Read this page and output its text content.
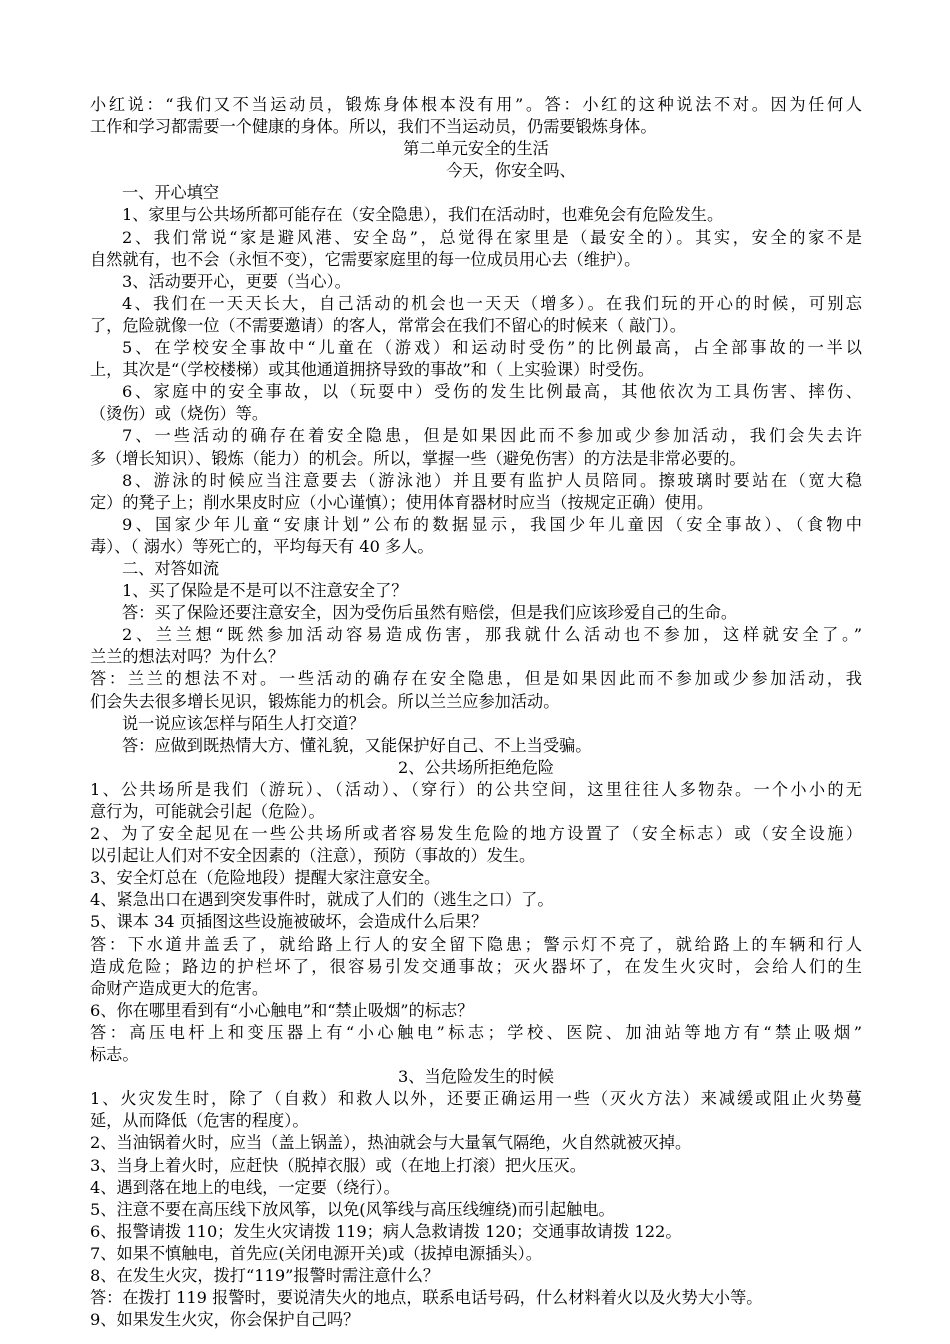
小红说：“我们又不当运动员，锻炼身体根本没有用”。答：小红的这种说法不对。因为任何人
工作和学习都需要一个健康的身体。所以，我们不当运动员，仍需要锻炼身体。
第二单元安全的生活
今天，你安全吗、
一、开心填空
1、家里与公共场所都可能存在（安全隐患），我们在活动时，也难免会有危险发生。
2、我们常说“家是避风港、安全岛”，总觉得在家里是（最安全的）。其实，安全的家不是
自然就有，也不会（永恒不变），它需要家庭里的每一位成员用心去（维护）。
3、活动要开心，更要（当心）。
4、我们在一天天长大，自己活动的机会也一天天（增多）。在我们玩的开心的时候，可别忘
了，危险就像一位（不需要邀请）的客人，常常会在我们不留心的时候来（ 敲门）。
5、在学校安全事故中“儿童在（游戏）和运动时受伤”的比例最高，占全部事故的一半以
上，其次是“（学校楼梯）或其他通道拥挤导致的事故”和（ 上实验课）时受伤。
6、家庭中的安全事故，以（玩耍中）受伤的发生比例最高，其他依次为工具伤害、摔伤、
（烫伤）或（烧伤）等。
7、一些活动的确存在着安全隐患，但是如果因此而不参加或少参加活动，我们会失去许
多（增长知识）、锻炼（能力）的机会。所以，掌握一些（避免伤害）的方法是非常必要的。
8、游泳的时候应当注意要去（游泳池）并且要有监护人员陪同。擦玻璃时要站在（宽大稳
定）的凳子上；削水果皮时应（小心谨慎）；使用体育器材时应当（按规定正确）使用。
9、国家少年儿童“安康计划”公布的数据显示，我国少年儿童因（安全事故）、（食物中
毒）、（ 溺水）等死亡的，平均每天有 40 多人。
二、对答如流
1、买了保险是不是可以不注意安全了？
答：买了保险还要注意安全，因为受伤后虽然有赔偿，但是我们应该珍爱自己的生命。
2、兰兰想“既然参加活动容易造成伤害，那我就什么活动也不参加，这样就安全了。”
兰兰的想法对吗？为什么？
答：兰兰的想法不对。一些活动的确存在安全隐患，但是如果因此而不参加或少参加活动，我
们会失去很多增长见识，锻炼能力的机会。所以兰兰应参加活动。
说一说应该怎样与陌生人打交道？
答：应做到既热情大方、懂礼貌，又能保护好自己、不上当受骗。
2、公共场所拒绝危险
1、公共场所是我们（游玩）、（活动）、（穿行）的公共空间，这里往往人多物杂。一个小小的无
意行为，可能就会引起（危险）。
2、为了安全起见在一些公共场所或者容易发生危险的地方设置了（安全标志）或（安全设施）
以引起让人们对不安全因素的（注意），预防（事故的）发生。
3、安全灯总在（危险地段）提醒大家注意安全。
4、紧急出口在遇到突发事件时，就成了人们的（逃生之口）了。
5、课本 34 页插图这些设施被破坏，会造成什么后果？
答：下水道井盖丢了，就给路上行人的安全留下隐患；警示灯不亮了，就给路上的车辆和行人
造成危险；路边的护栏坏了，很容易引发交通事故；灭火器坏了，在发生火灾时，会给人们的生
命财产造成更大的危害。
6、你在哪里看到有“小心触电”和“禁止吸烟”的标志？
答：高压电杆上和变压器上有“小心触电”标志；学校、医院、加油站等地方有“禁止吸烟”
标志。
3、当危险发生的时候
1、火灾发生时，除了（自救）和救人以外，还要正确运用一些（灭火方法）来减缓或阻止火势蔓
延，从而降低（危害的程度）。
2、当油锅着火时，应当（盖上锅盖），热油就会与大量氧气隔绝，火自然就被灭掉。
3、当身上着火时，应赶快（脱掉衣服）或（在地上打滚）把火压灭。
4、遇到落在地上的电线，一定要（绕行）。
5、注意不要在高压线下放风筝，以免(风筝线与高压线缠绕)而引起触电。
6、报警请拨 110；发生火灾请拨 119；病人急救请拨 120；交通事故请拨 122。
7、如果不慎触电，首先应(关闭电源开关)或（拔掉电源插头）。
8、在发生火灾，拨打“119”报警时需注意什么？
答：在拨打 119 报警时，要说清失火的地点，联系电话号码，什么材料着火以及火势大小等。
9、如果发生火灾，你会保护自己吗？
